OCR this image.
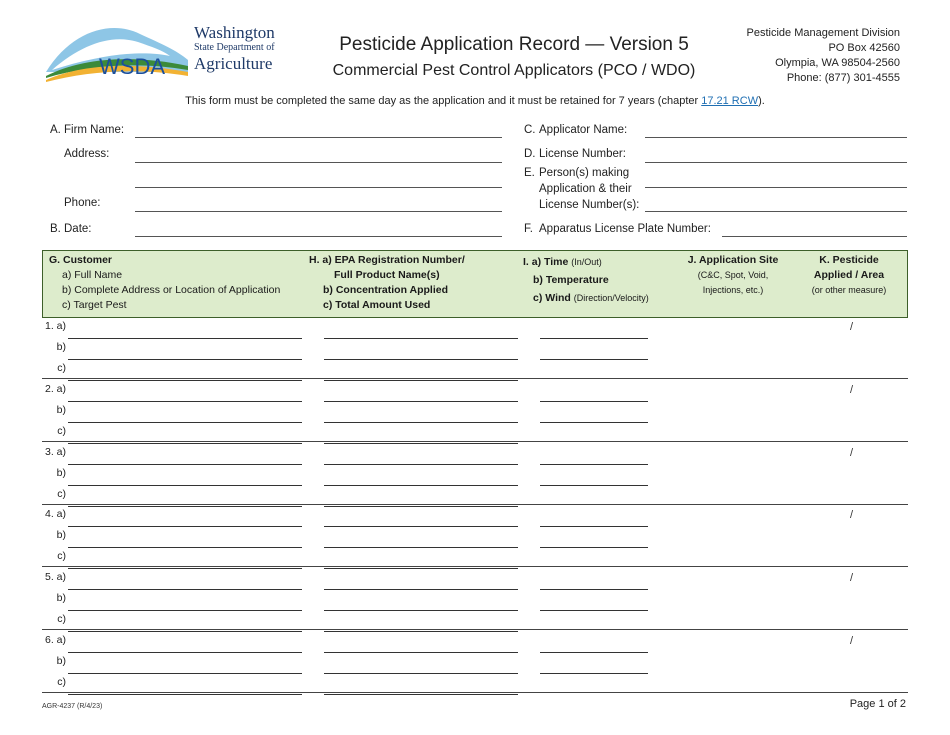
WSDA
Washington
State Department of
Agriculture
Pesticide Application Record — Version 5
Commercial Pest Control Applicators (PCO / WDO)
Pesticide Management Division
PO Box 42560
Olympia, WA 98504-2560
Phone: (877) 301-4555
This form must be completed the same day as the application and it must be retained for 7 years (chapter 17.21 RCW).
A. Firm Name:
Address:
Phone:
B. Date:
C. Applicator Name:
D. License Number:
E. Person(s) making
Application & their
License Number(s):
F. Apparatus License Plate Number:
G. Customer
a) Full Name
b) Complete Address or Location of Application
c) Target Pest
H. a) EPA Registration Number/
Full Product Name(s)
b) Concentration Applied
c) Total Amount Used
I. a) Time (In/Out)
b) Temperature
c) Wind (Direction/Velocity)
J. Application Site
(C&C, Spot, Void,
Injections, etc.)
K. Pesticide
Applied / Area
(or other measure)
1. a)
b)
c)
/
2. a)
b)
c)
/
3. a)
b)
c)
/
4. a)
b)
c)
/
5. a)
b)
c)
/
6. a)
b)
c)
/
AGR-4237 (R/4/23)	Page 1 of 2
